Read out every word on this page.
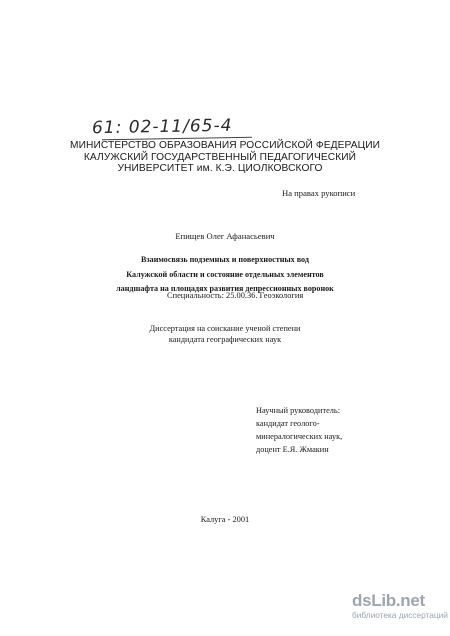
61: 02-11/65-4
МИНИСТЕРСТВО ОБРАЗОВАНИЯ РОССИЙСКОЙ ФЕДЕРАЦИИ
КАЛУЖСКИЙ ГОСУДАРСТВЕННЫЙ ПЕДАГОГИЧЕСКИЙ
УНИВЕРСИТЕТ им. К.Э. ЦИОЛКОВСКОГО
На правах рукописи
Епищев Олег Афанасьевич
Взаимосвязь подземных и поверхностных вод
Калужской области и состояние отдельных элементов
ландшафта на площадях развития депрессионных воронок
Специальность: 25.00.36. Геоэкология
Диссертация на соискание ученой степени
кандидата географических наук
Научный руководитель:
кандидат геолого-
минералогических наук,
доцент Е.Я. Жмакин
Калуга - 2001
dsLib.net
библиотека диссертаций
